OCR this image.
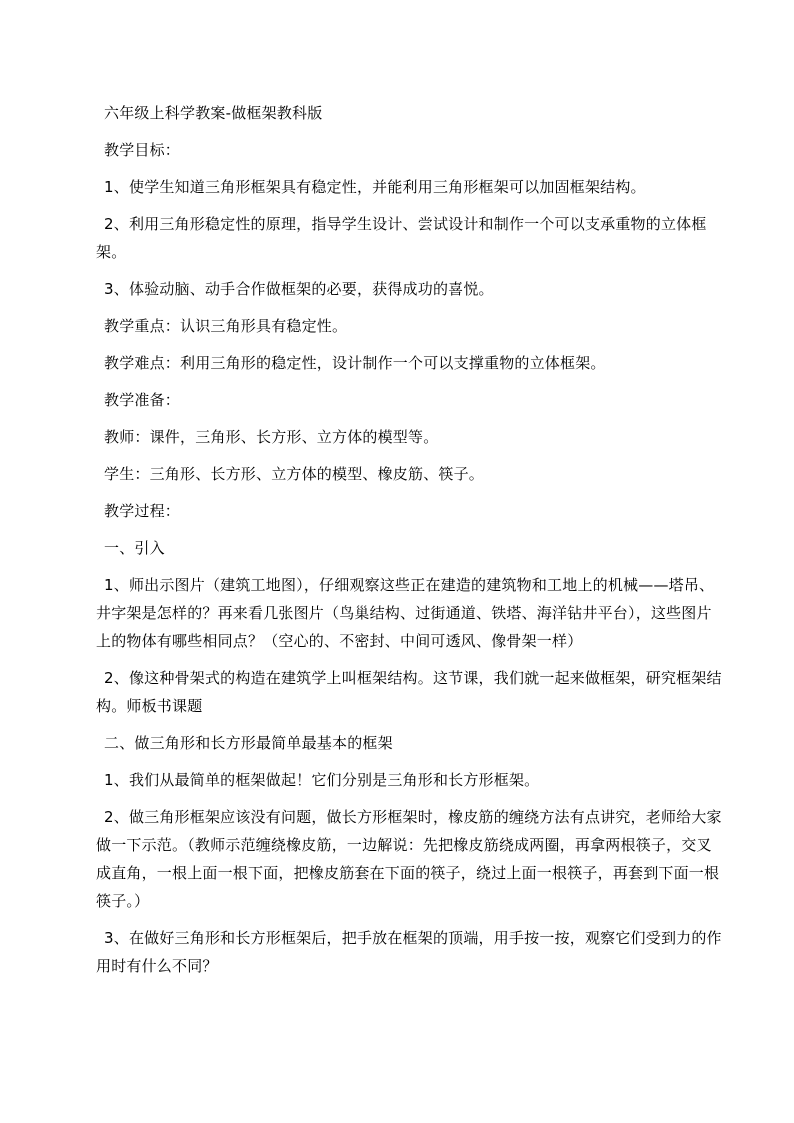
六年级上科学教案-做框架教科版

教学目标：

1、使学生知道三角形框架具有稳定性，并能利用三角形框架可以加固框架结构。

2、利用三角形稳定性的原理，指导学生设计、尝试设计和制作一个可以支承重物的立体框架。

3、体验动脑、动手合作做框架的必要，获得成功的喜悦。

教学重点：认识三角形具有稳定性。

教学难点：利用三角形的稳定性，设计制作一个可以支撑重物的立体框架。

教学准备：

教师：课件，三角形、长方形、立方体的模型等。

学生：三角形、长方形、立方体的模型、橡皮筋、筷子。

教学过程：

一、引入

1、师出示图片（建筑工地图），仔细观察这些正在建造的建筑物和工地上的机械——塔吊、井字架是怎样的？再来看几张图片（鸟巢结构、过街通道、铁塔、海洋钻井平台），这些图片上的物体有哪些相同点？（空心的、不密封、中间可透风、像骨架一样）

2、像这种骨架式的构造在建筑学上叫框架结构。这节课，我们就一起来做框架，研究框架结构。师板书课题

二、做三角形和长方形最简单最基本的框架

1、我们从最简单的框架做起！它们分别是三角形和长方形框架。

2、做三角形框架应该没有问题，做长方形框架时，橡皮筋的缠绕方法有点讲究，老师给大家做一下示范。（教师示范缠绕橡皮筋，一边解说：先把橡皮筋绕成两圈，再拿两根筷子，交叉成直角，一根上面一根下面，把橡皮筋套在下面的筷子，绕过上面一根筷子，再套到下面一根筷子。）

3、在做好三角形和长方形框架后，把手放在框架的顶端，用手按一按，观察它们受到力的作用时有什么不同？
